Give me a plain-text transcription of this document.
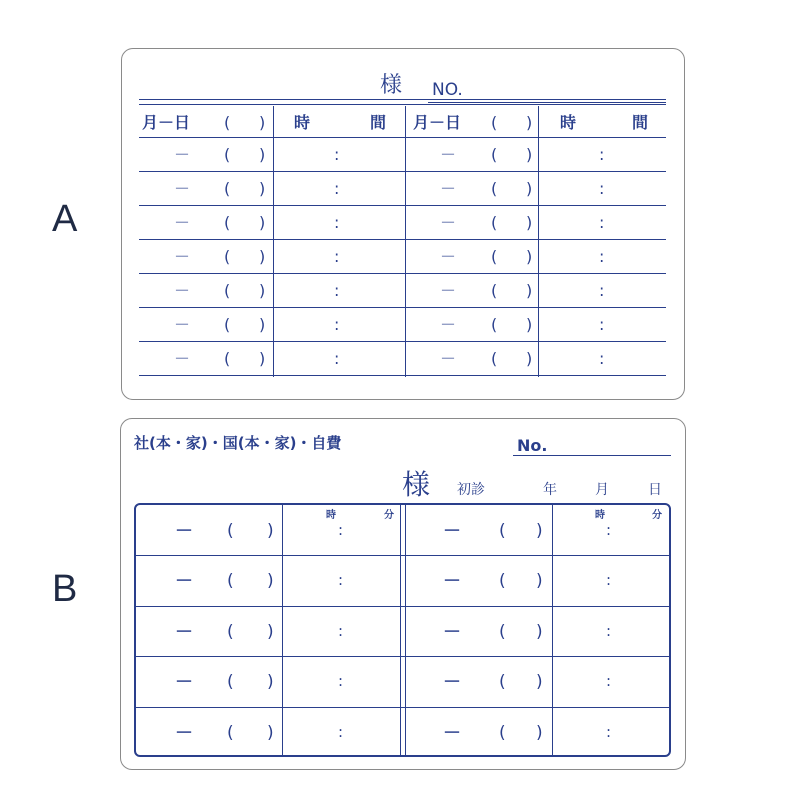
A
B
様 NO.
月－日 ( ) 時	間 月－日 ( ) 時	間
－ ( )	:	－ ( )	:
－ ( )	:	－ ( )	:
－ ( )	:	－ ( )	:
－ ( )	:	－ ( )	:
－ ( )	:	－ ( )	:
－ ( )	:	－ ( )	:
－ ( )	:	－ ( )	:
社(本・家)・国(本・家)・自費	No.
様 初診	年	月	日
時	分	時	分
－ ( )	:	－ ( )	:
－ ( )	:	－ ( )	:
－ ( )	:	－ ( )	:
－ ( )	:	－ ( )	:
－ ( )	:	－ ( )	:
